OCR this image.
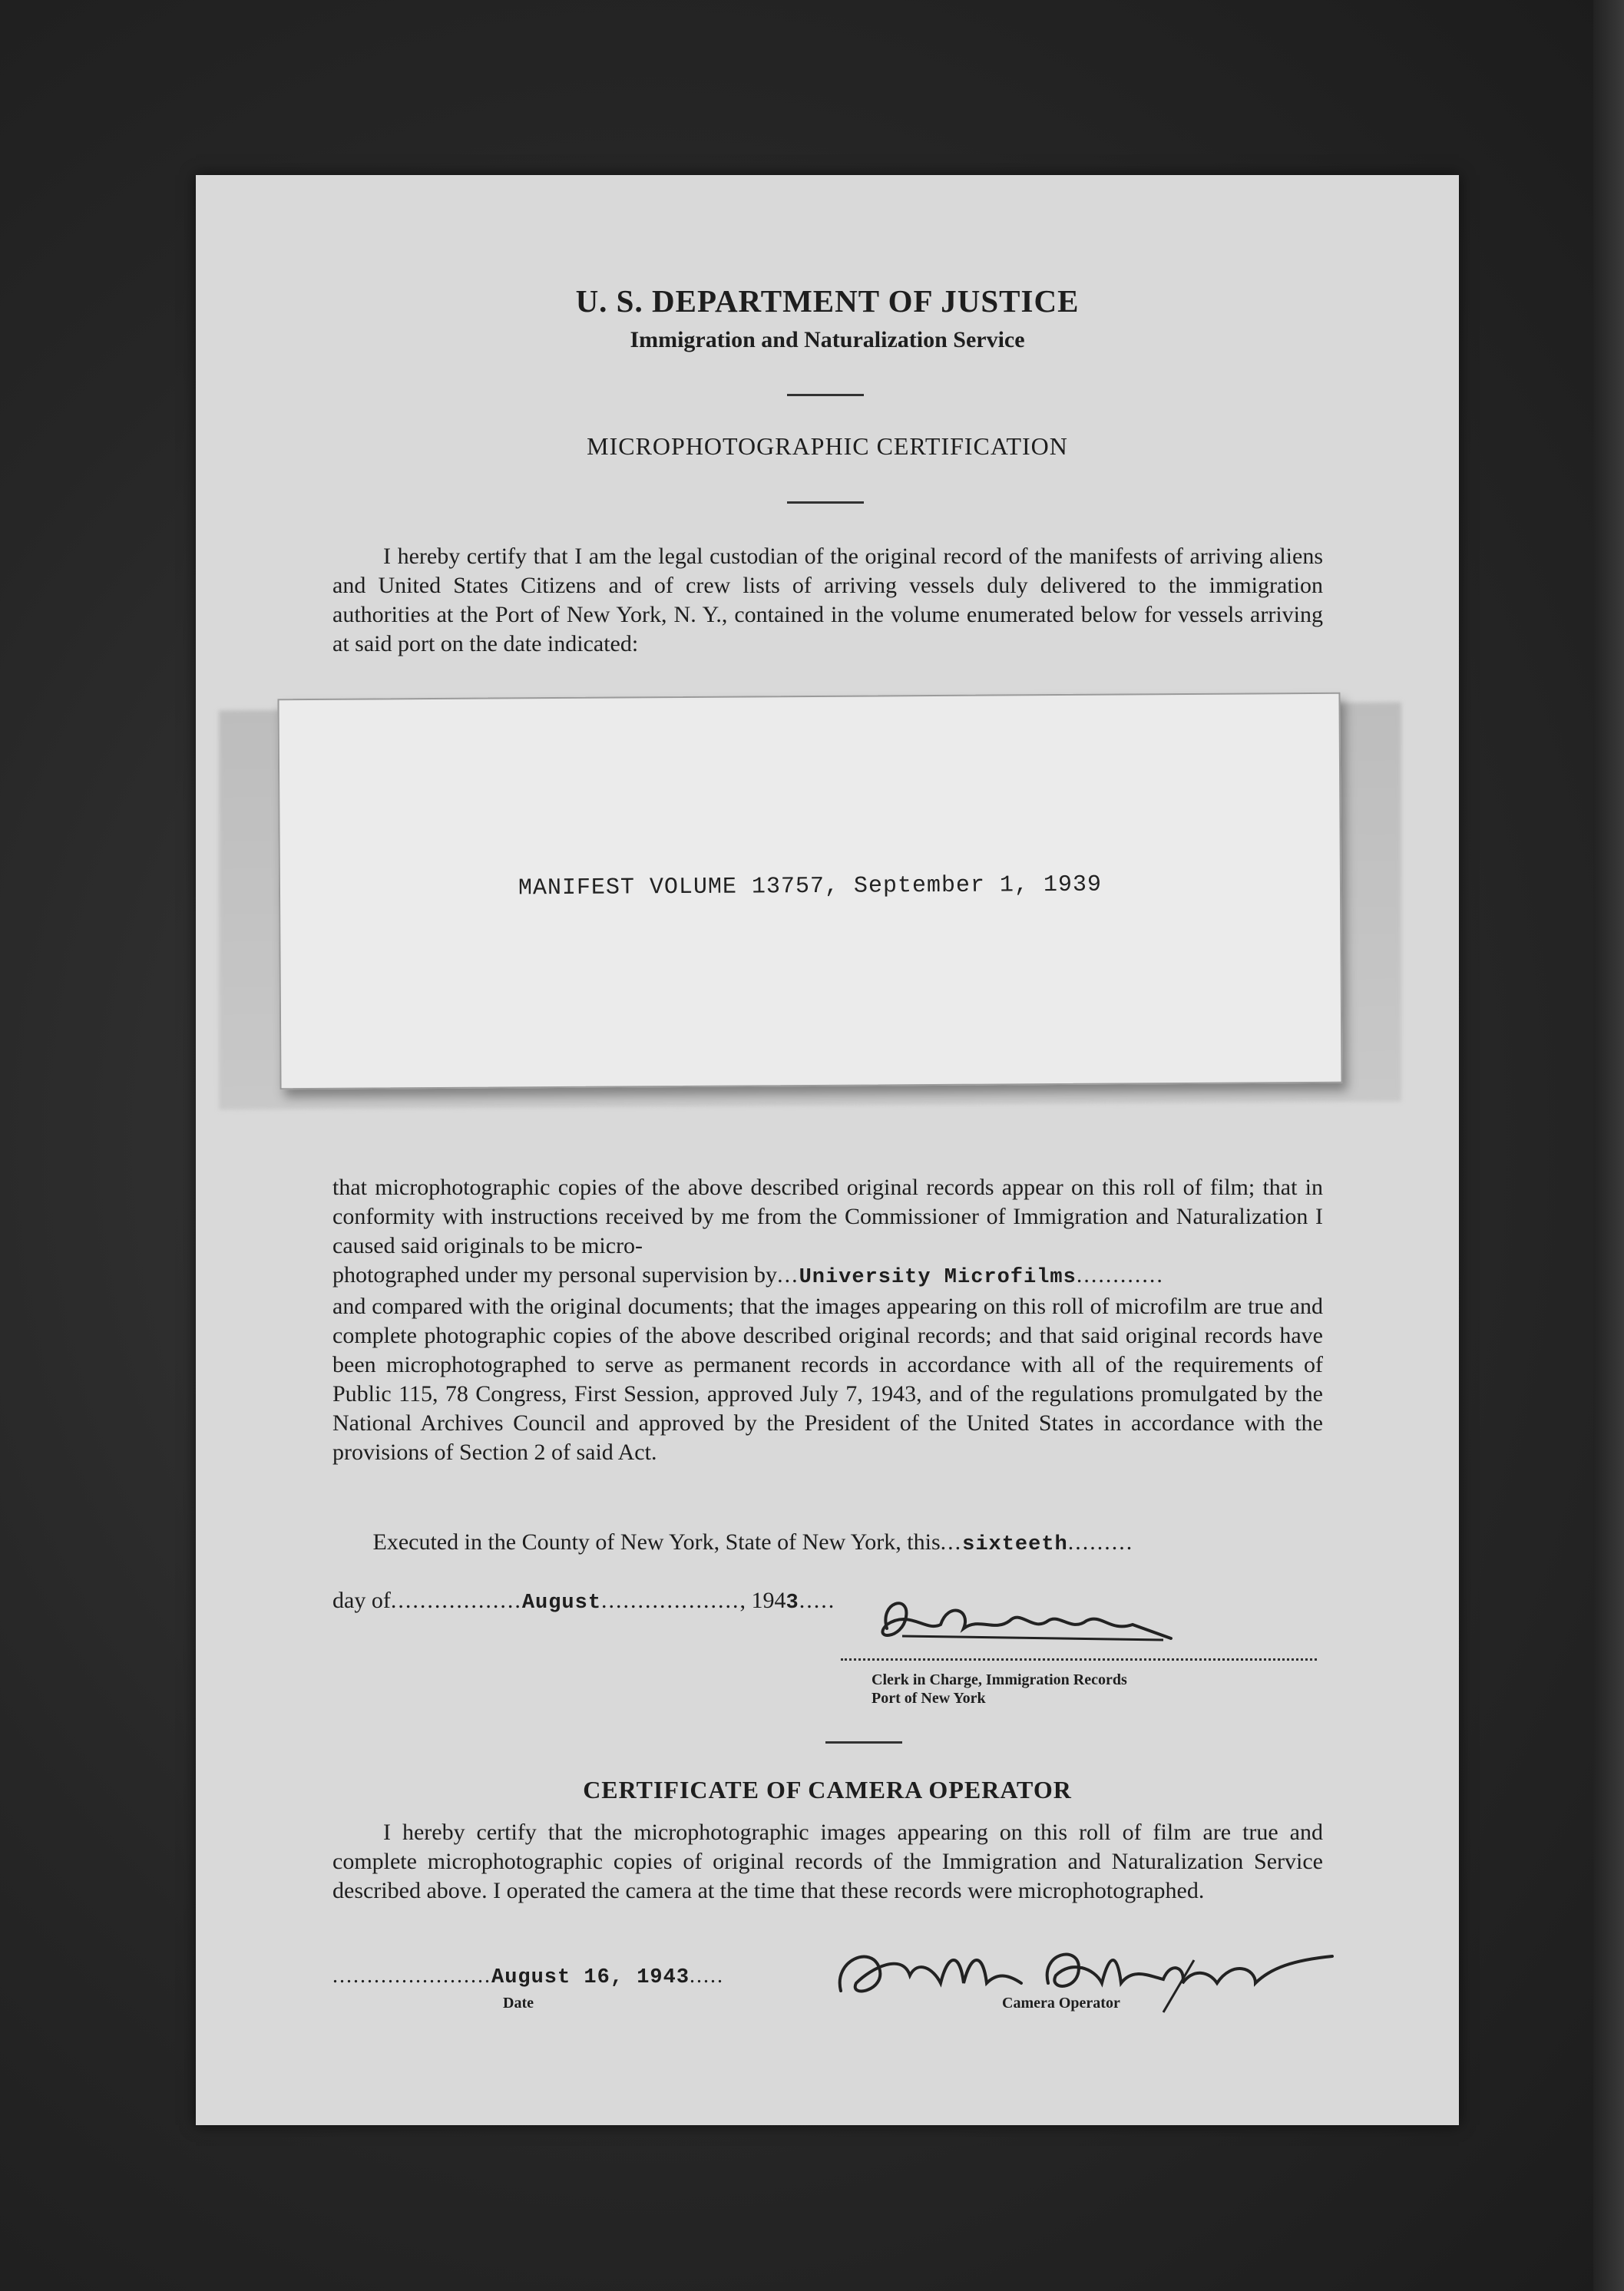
U. S. DEPARTMENT OF JUSTICE
Immigration and Naturalization Service
MICROPHOTOGRAPHIC CERTIFICATION
I hereby certify that I am the legal custodian of the original record of the manifests of arriving aliens and United States Citizens and of crew lists of arriving vessels duly delivered to the immigration authorities at the Port of New York, N. Y., contained in the volume enumerated below for vessels arriving at said port on the date indicated:
MANIFEST VOLUME 13757, September 1, 1939
that microphotographic copies of the above described original records appear on this roll of film; that in conformity with instructions received by me from the Commissioner of Immigration and Naturalization I caused said originals to be micro-
photographed under my personal supervision by...University Microfilms............
and compared with the original documents; that the images appearing on this roll of microfilm are true and complete photographic copies of the above described original records; and that said original records have been microphotographed to serve as permanent records in accordance with all of the requirements of Public 115, 78 Congress, First Session, approved July 7, 1943, and of the regulations promulgated by the National Archives Council and approved by the President of the United States in accordance with the provisions of Section 2 of said Act.
Executed in the County of New York, State of New York, this...sixteeth.........
day of..................August..................., 1943.....
Clerk in Charge, Immigration Records
Port of New York
CERTIFICATE OF CAMERA OPERATOR
I hereby certify that the microphotographic images appearing on this roll of film are true and complete microphotographic copies of original records of the Immigration and Naturalization Service described above. I operated the camera at the time that these records were microphotographed.
.......................August 16, 1943.....
Date	Camera Operator
